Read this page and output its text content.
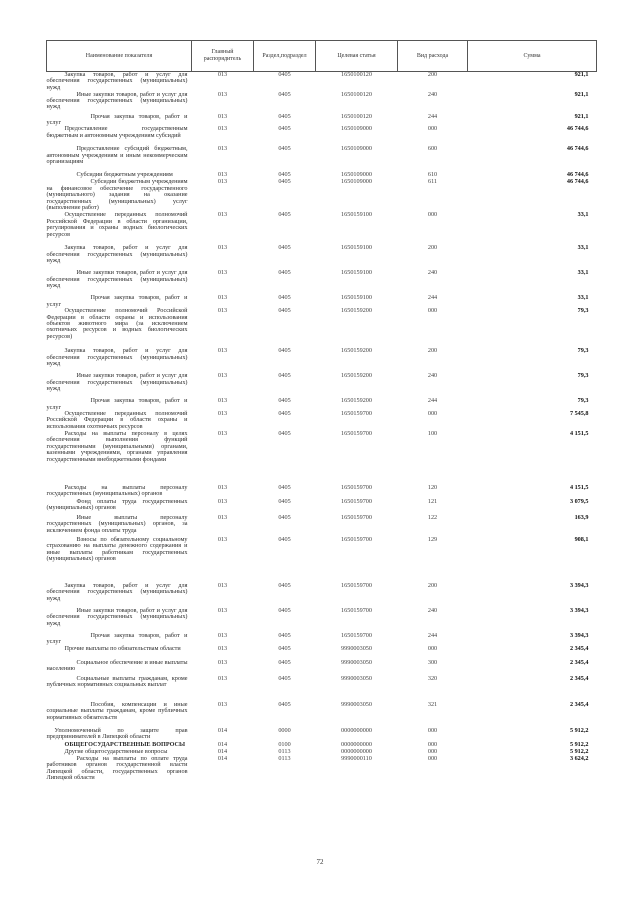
Наименование показателя	Главный распорядитель	Раздел,подраздел	Целевая статья	Вид расхода	Сумма

Закупка товаров, работ и услуг для обеспечения государственных (муниципальных) нужд	013	0405	1650100120	200	921,1

Иные закупки товаров, работ и услуг для обеспечения государственных (муниципальных) нужд	013	0405	1650100120	240	921,1

Прочая закупка товаров, работ и услуг	013	0405	1650100120	244	921,1

Предоставление государственным бюджетным и автономным учреждениям субсидий	013	0405	1650109000	000	46 744,6

Предоставление субсидий бюджетным, автономным учреждениям и иным некоммерческим организациям	013	0405	1650109000	600	46 744,6

Субсидии бюджетным учреждениям	013	0405	1650109000	610	46 744,6

Субсидии бюджетным учреждениям на финансовое обеспечение государственного (муниципального) задания на оказание государственных (муниципальных) услуг (выполнение работ)	013	0405	1650109000	611	46 744,6

Осуществление переданных полномочий Российской Федерации в области организации, регулирования и охраны водных биологических ресурсов	013	0405	1650159100	000	33,1

Закупка товаров, работ и услуг для обеспечения государственных (муниципальных) нужд	013	0405	1650159100	200	33,1

Иные закупки товаров, работ и услуг для обеспечения государственных (муниципальных) нужд	013	0405	1650159100	240	33,1

Прочая закупка товаров, работ и услуг	013	0405	1650159100	244	33,1

Осуществление полномочий Российской Федерации в области охраны и использования объектов животного мира (за исключением охотничьих ресурсов и водных биологических ресурсов)	013	0405	1650159200	000	79,3

Закупка товаров, работ и услуг для обеспечения государственных (муниципальных) нужд	013	0405	1650159200	200	79,3

Иные закупки товаров, работ и услуг для обеспечения государственных (муниципальных) нужд	013	0405	1650159200	240	79,3

Прочая закупка товаров, работ и услуг	013	0405	1650159200	244	79,3

Осуществление переданных полномочий Российской Федерации в области охраны и использования охотничьих ресурсов	013	0405	1650159700	000	7 545,8

Расходы на выплаты персоналу в целях обеспечения выполнения функций государственными (муниципальными) органами, казенными учреждениями, органами управления государственными внебюджетными фондами	013	0405	1650159700	100	4 151,5

Расходы на выплаты персоналу государственных (муниципальных) органов	013	0405	1650159700	120	4 151,5

Фонд оплаты труда государственных (муниципальных) органов	013	0405	1650159700	121	3 079,5

Иные выплаты персоналу государственных (муниципальных) органов, за исключением фонда оплаты труда	013	0405	1650159700	122	163,9

Взносы по обязательному социальному страхованию на выплаты денежного содержания и иные выплаты работникам государственных (муниципальных) органов	013	0405	1650159700	129	908,1

Закупка товаров, работ и услуг для обеспечения государственных (муниципальных) нужд	013	0405	1650159700	200	3 394,3

Иные закупки товаров, работ и услуг для обеспечения государственных (муниципальных) нужд	013	0405	1650159700	240	3 394,3

Прочая закупка товаров, работ и услуг	013	0405	1650159700	244	3 394,3

Прочие выплаты по обязательствам области	013	0405	9990003050	000	2 345,4

Социальное обеспечение и иные выплаты населению	013	0405	9990003050	300	2 345,4

Социальные выплаты гражданам, кроме публичных нормативных социальных выплат	013	0405	9990003050	320	2 345,4

Пособия, компенсации и иные социальные выплаты гражданам, кроме публичных нормативных обязательств	013	0405	9990003050	321	2 345,4

Уполномоченный по защите прав предпринимателей в Липецкой области	014	0000	0000000000	000	5 912,2

ОБЩЕГОСУДАРСТВЕННЫЕ ВОПРОСЫ	014	0100	0000000000	000	5 912,2

Другие общегосударственные вопросы	014	0113	0000000000	000	5 912,2

Расходы на выплаты по оплате труда работников органов государственной власти Липецкой области, государственных органов Липецкой области	014	0113	9990000110	000	3 624,2
72
